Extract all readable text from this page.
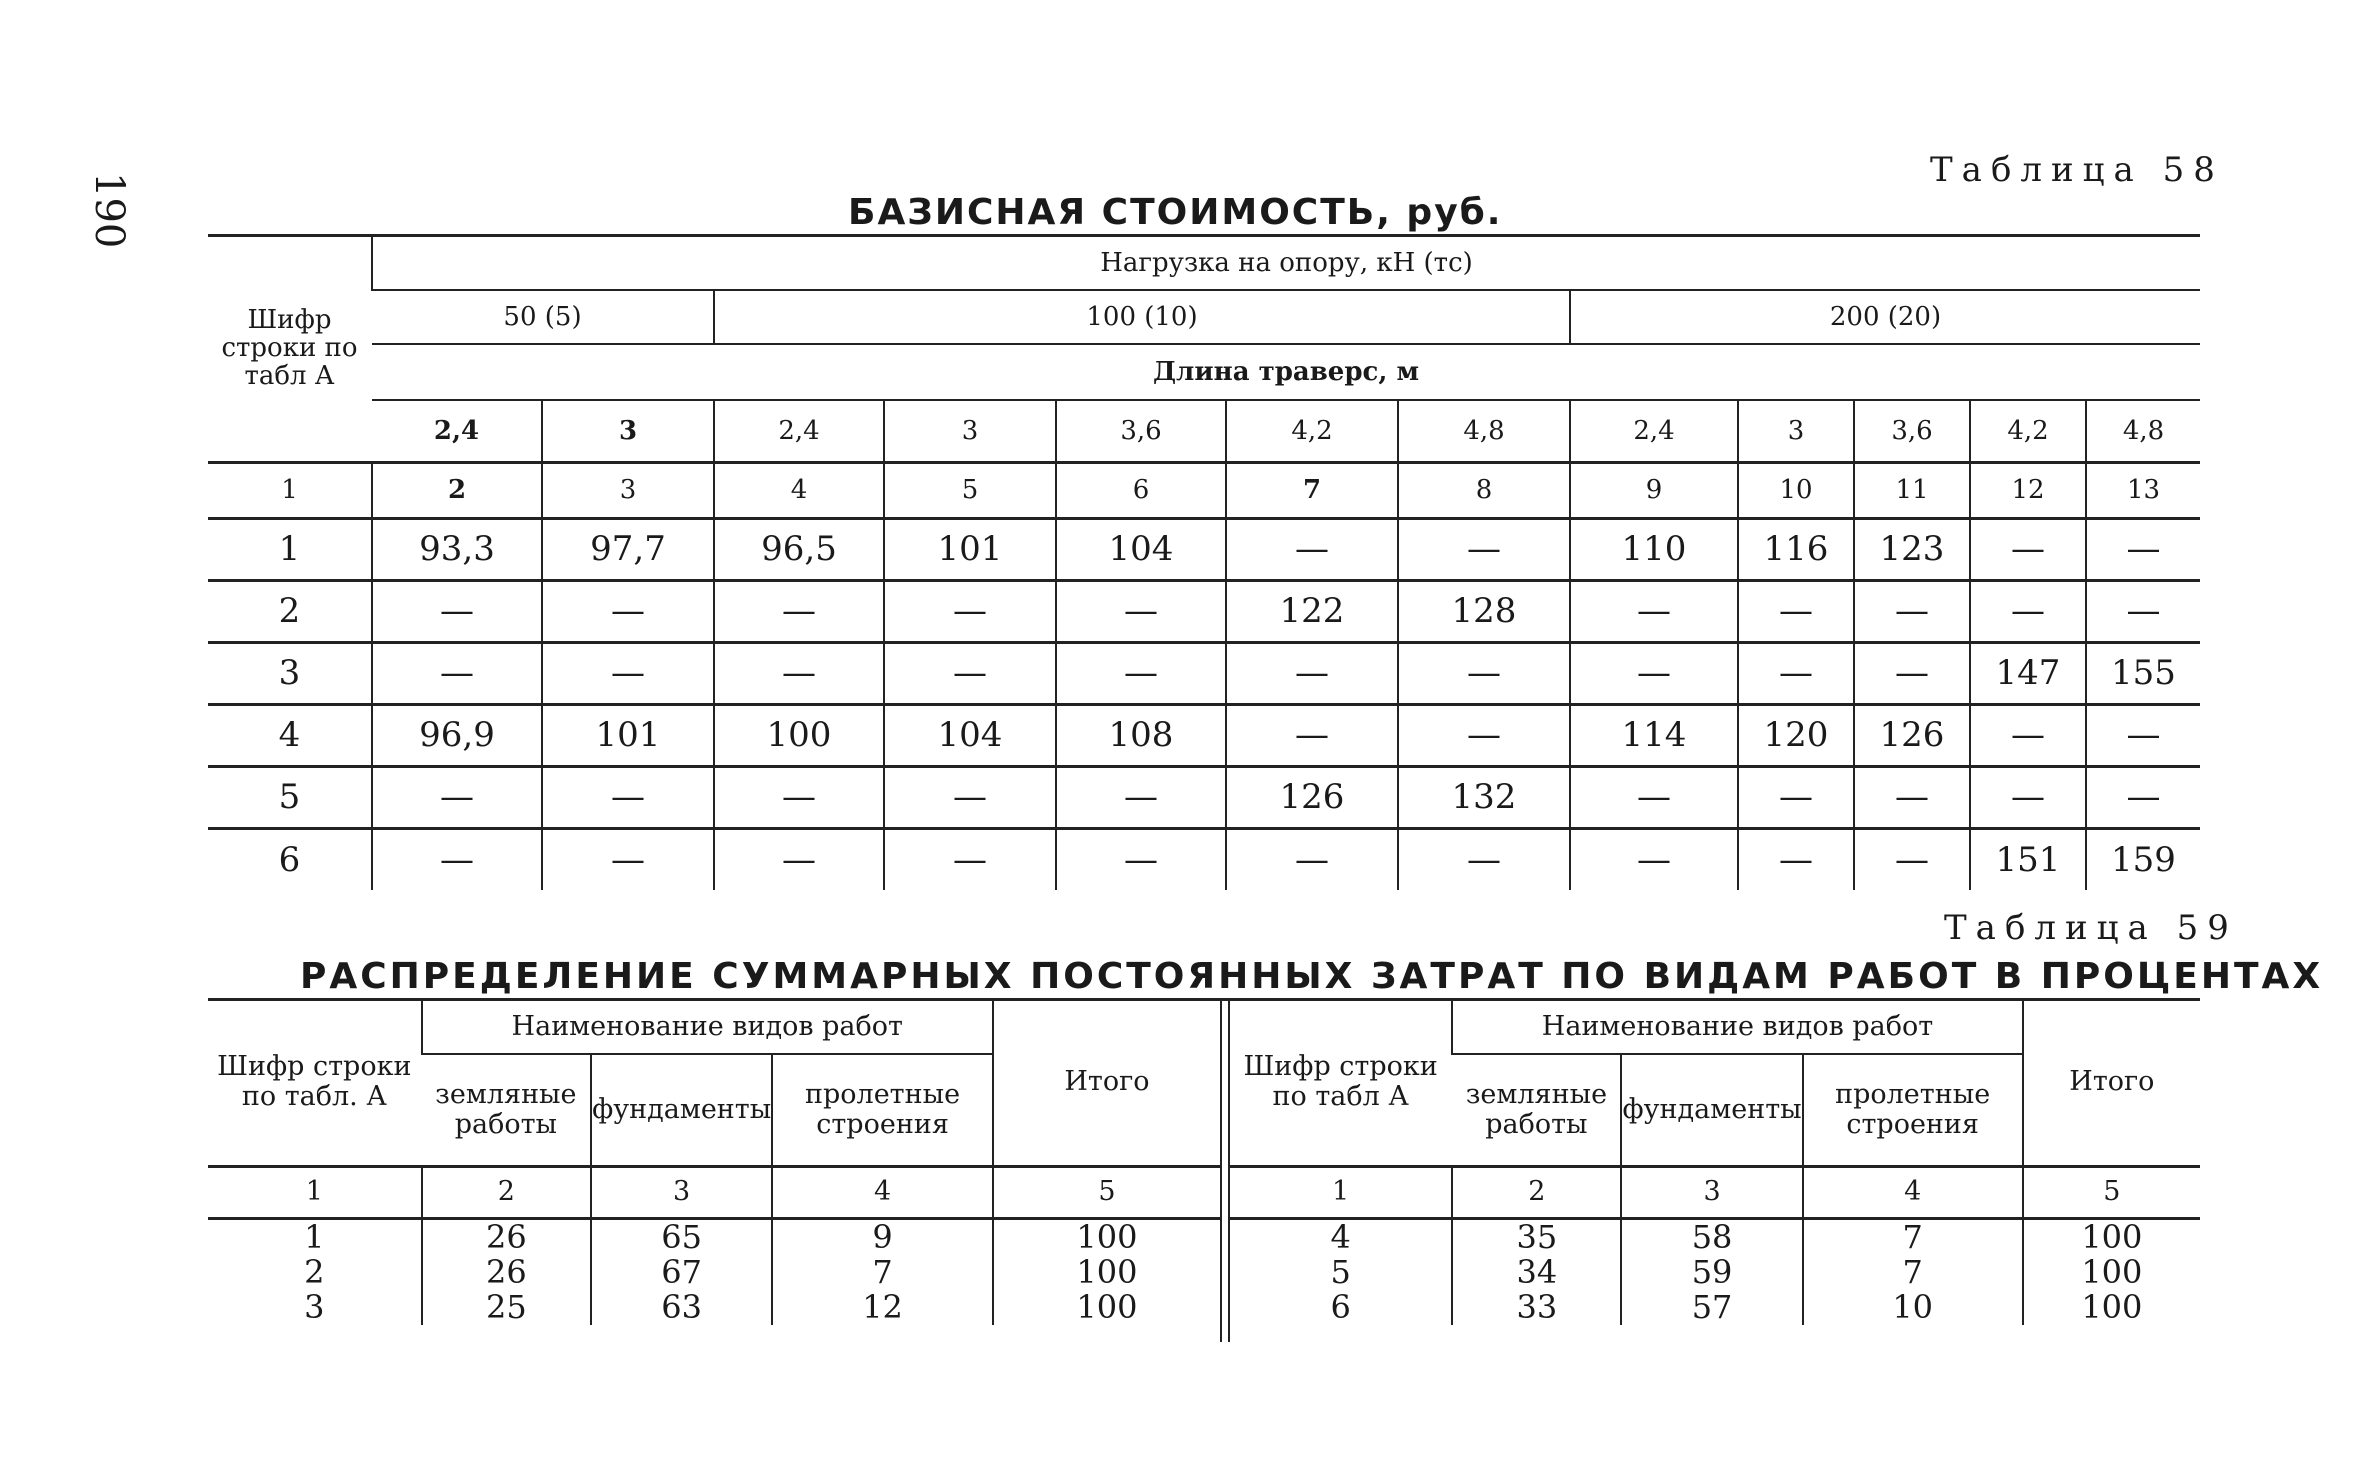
190
Таблица 58
БАЗИСНАЯ СТОИМОСТЬ, руб.
Шифр строки по табл А	Нагрузка на опору, кН (тс)											
	50 (5)		100 (10)					200 (20)				
	Длина траверс, м											
	2,4	3	2,4	3	3,6	4,2	4,8	2,4	3	3,6	4,2	4,8
1	2	3	4	5	6	7	8	9	10	11	12	13
1	93,3	97,7	96,5	101	104	—	—	110	116	123	—	—
2	—	—	—	—	—	122	128	—	—	—	—	—
3	—	—	—	—	—	—	—	—	—	—	147	155
4	96,9	101	100	104	108	—	—	114	120	126	—	—
5	—	—	—	—	—	126	132	—	—	—	—	—
6	—	—	—	—	—	—	—	—	—	—	151	159
Таблица 59
РАСПРЕДЕЛЕНИЕ СУММАРНЫХ ПОСТОЯННЫХ ЗАТРАТ ПО ВИДАМ РАБОТ В ПРОЦЕНТАХ
Шифр строки по табл. А	Наименование видов работ			Итого
	земляные работы	фундаменты	пролетные строения	
1	2	3	4	5
1	26	65	9	100
2	26	67	7	100
3	25	63	12	100
Шифр строки по табл А	Наименование видов работ			Итого
	земляные работы	фундаменты	пролетные строения	
1	2	3	4	5
4	35	58	7	100
5	34	59	7	100
6	33	57	10	100
